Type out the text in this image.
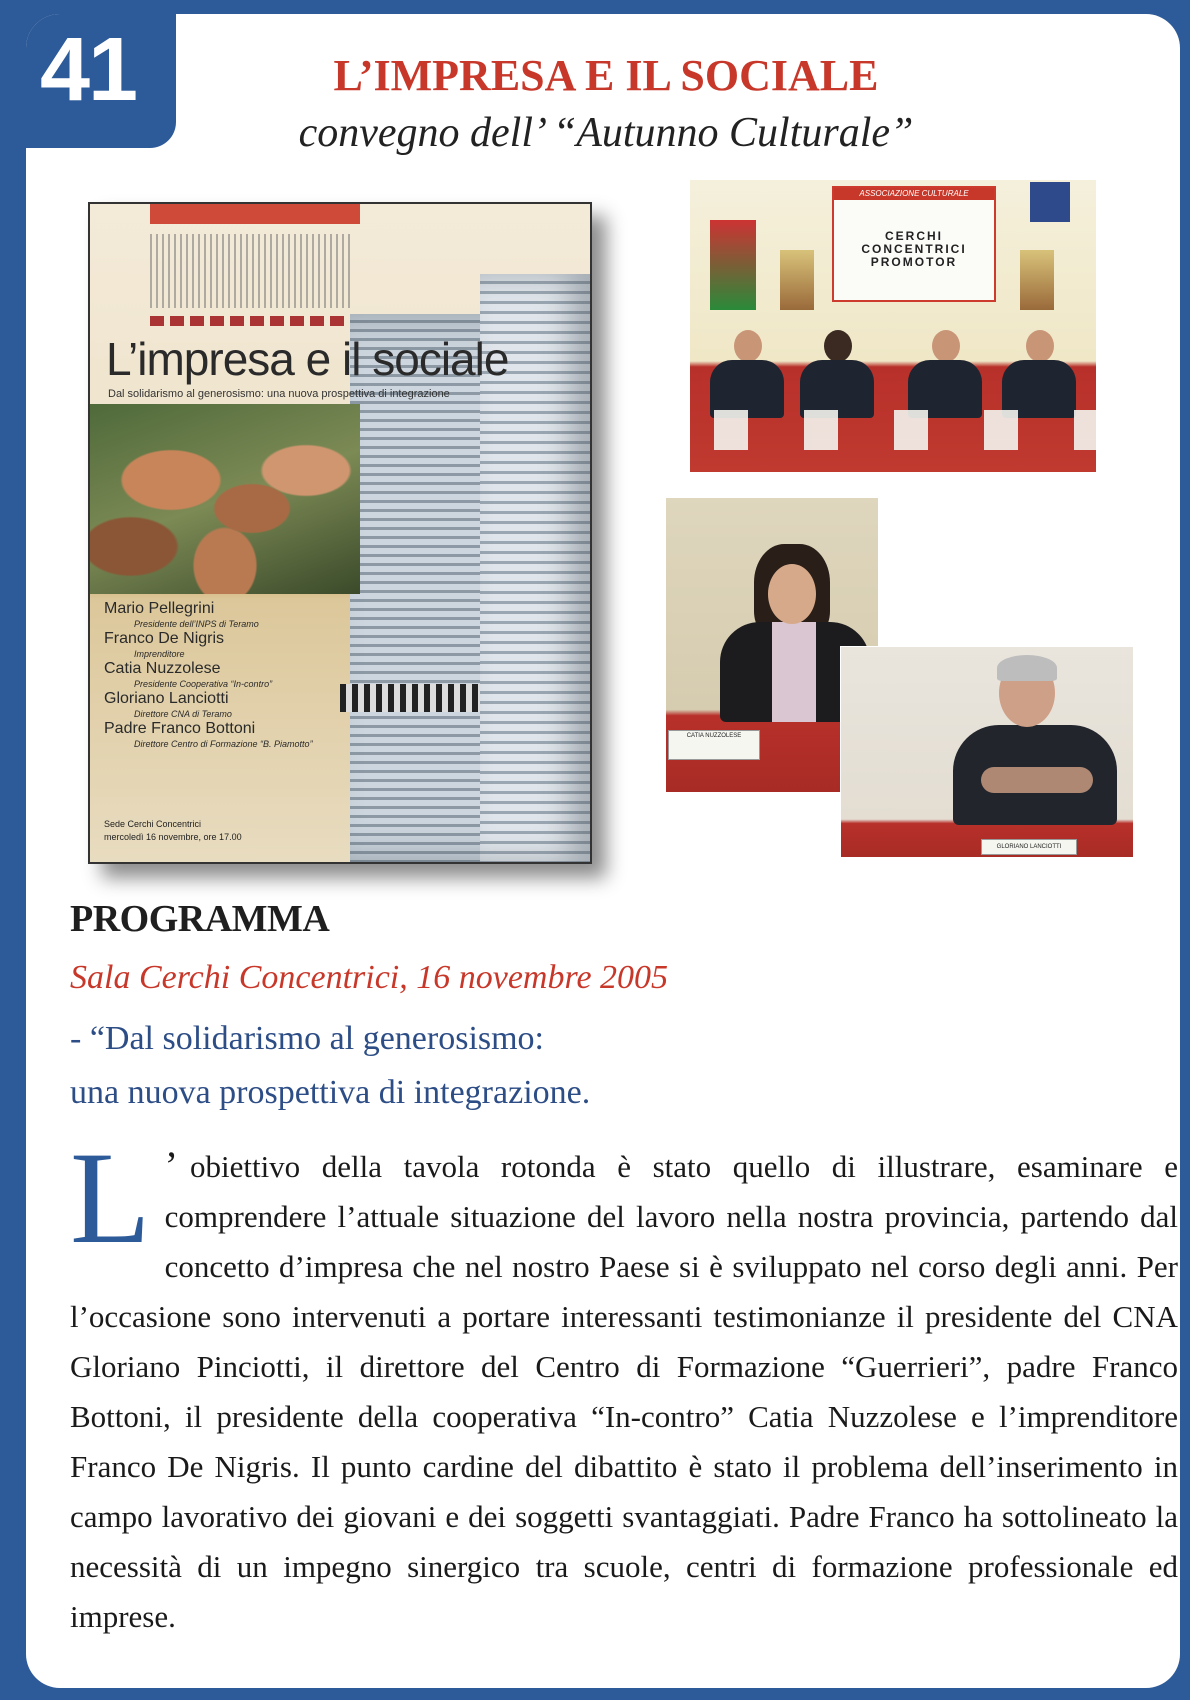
41	L’IMPRESA E IL SOCIALE
convegno dell’ “Autunno Culturale”
L’impresa e il sociale
Dal solidarismo al generosismo: una nuova prospettiva di integrazione
Mario Pellegrini
Presidente dell’INPS di Teramo
Franco De Nigris
Imprenditore
Catia Nuzzolese
Presidente Cooperativa “In-contro”
Gloriano Lanciotti
Direttore CNA di Teramo
Padre Franco Bottoni
Direttore Centro di Formazione “B. Piamotto”
Sede Cerchi Concentrici
mercoledì 16 novembre, ore 17.00
ASSOCIAZIONE CULTURALE
CERCHI CONCENTRICI PROMOTOR
CATIA NUZZOLESE
GLORIANO LANCIOTTI
PROGRAMMA
Sala Cerchi Concentrici, 16 novembre 2005
- “Dal solidarismo al generosismo:
una nuova prospettiva di integrazione.
L ’ obiettivo della tavola rotonda è stato quello di illustrare, esaminare e comprendere l’attuale situazione del lavoro nella nostra provincia, partendo dal concetto d’impresa che nel nostro Paese si è sviluppato nel corso degli anni. Per l’occasione sono intervenuti a portare interessanti testimonianze il presidente del CNA Gloriano Pinciotti, il direttore del Centro di Formazione “Guerrieri”, padre Franco Bottoni, il presidente della cooperativa “In-contro” Catia Nuzzolese e l’imprenditore Franco De Nigris. Il punto cardine del dibattito è stato il problema dell’inserimento in campo lavorativo dei giovani e dei soggetti svantaggiati. Padre Franco ha sottolineato la necessità di un impegno sinergico tra scuole, centri di formazione professionale ed imprese.
